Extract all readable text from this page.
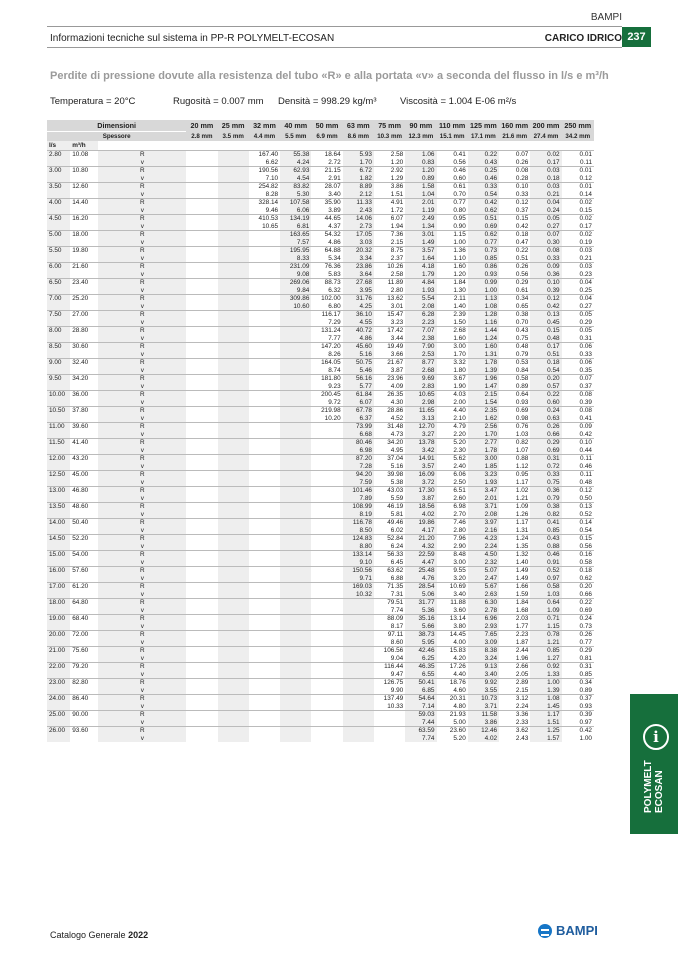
BAMPI
Informazioni tecniche sul sistema in PP-R POLYMELT-ECOSAN	CARICO IDRICO 237
Perdite di pressione dovute alla resistenza del tubo «R» e alla portata «v» a seconda del flusso in l/s e m³/h
Temperatura = 20°C	Rugosità = 0.007 mm Densità = 998.29 kg/m³ Viscosità = 1.004 E-06 m²/s
Dimensioni			20 mm	25 mm	32 mm	40 mm	50 mm	63 mm	75 mm	90 mm	110 mm	125 mm	160 mm	200 mm	250 mm
Spessore			2.8 mm	3.5 mm	4.4 mm	5.5 mm	6.9 mm	8.6 mm	10.3 mm	12.3 mm	15.1 mm	17.1 mm	21.6 mm	27.4 mm	34.2 mm
l/s	m³/h														
2.80	10.08	R			167.40	55.38	18.64	5.93	2.58	1.06	0.41	0.22	0.07	0.02	0.01
		v			6.62	4.24	2.72	1.70	1.20	0.83	0.56	0.43	0.26	0.17	0.11
3.00	10.80	R			190.56	62.93	21.15	6.72	2.92	1.20	0.46	0.25	0.08	0.03	0.01
		v			7.10	4.54	2.91	1.82	1.29	0.89	0.60	0.46	0.28	0.18	0.12
3.50	12.60	R			254.82	83.82	28.07	8.89	3.86	1.58	0.61	0.33	0.10	0.03	0.01
		v			8.28	5.30	3.40	2.12	1.51	1.04	0.70	0.54	0.33	0.21	0.14
4.00	14.40	R			328.14	107.58	35.90	11.33	4.91	2.01	0.77	0.42	0.12	0.04	0.02
		v			9.46	6.06	3.89	2.43	1.72	1.19	0.80	0.62	0.37	0.24	0.15
4.50	16.20	R			410.53	134.19	44.65	14.06	6.07	2.49	0.95	0.51	0.15	0.05	0.02
		v			10.65	6.81	4.37	2.73	1.94	1.34	0.90	0.69	0.42	0.27	0.17
5.00	18.00	R				163.65	54.32	17.05	7.36	3.01	1.15	0.62	0.18	0.07	0.02
		v				7.57	4.86	3.03	2.15	1.49	1.00	0.77	0.47	0.30	0.19
5.50	19.80	R				195.95	64.88	20.32	8.75	3.57	1.36	0.73	0.22	0.08	0.03
		v				8.33	5.34	3.34	2.37	1.64	1.10	0.85	0.51	0.33	0.21
6.00	21.60	R				231.09	76.36	23.86	10.26	4.18	1.60	0.86	0.26	0.09	0.03
		v				9.08	5.83	3.64	2.58	1.79	1.20	0.93	0.56	0.36	0.23
6.50	23.40	R				269.06	88.73	27.68	11.89	4.84	1.84	0.99	0.29	0.10	0.04
		v				9.84	6.32	3.95	2.80	1.93	1.30	1.00	0.61	0.39	0.25
7.00	25.20	R				309.86	102.00	31.76	13.62	5.54	2.11	1.13	0.34	0.12	0.04
		v				10.60	6.80	4.25	3.01	2.08	1.40	1.08	0.65	0.42	0.27
7.50	27.00	R					116.17	36.10	15.47	6.28	2.39	1.28	0.38	0.13	0.05
		v					7.29	4.55	3.23	2.23	1.50	1.16	0.70	0.45	0.29
8.00	28.80	R					131.24	40.72	17.42	7.07	2.68	1.44	0.43	0.15	0.05
		v					7.77	4.86	3.44	2.38	1.60	1.24	0.75	0.48	0.31
8.50	30.60	R					147.20	45.60	19.49	7.90	3.00	1.60	0.48	0.17	0.06
		v					8.26	5.16	3.66	2.53	1.70	1.31	0.79	0.51	0.33
9.00	32.40	R					164.05	50.75	21.67	8.77	3.32	1.78	0.53	0.18	0.06
		v					8.74	5.46	3.87	2.68	1.80	1.39	0.84	0.54	0.35
9.50	34.20	R					181.80	56.16	23.96	9.69	3.67	1.96	0.58	0.20	0.07
		v					9.23	5.77	4.09	2.83	1.90	1.47	0.89	0.57	0.37
10.00	36.00	R					200.45	61.84	26.35	10.65	4.03	2.15	0.64	0.22	0.08
		v					9.72	6.07	4.30	2.98	2.00	1.54	0.93	0.60	0.39
10.50	37.80	R					219.98	67.78	28.86	11.65	4.40	2.35	0.69	0.24	0.08
		v					10.20	6.37	4.52	3.13	2.10	1.62	0.98	0.63	0.41
11.00	39.60	R						73.99	31.48	12.70	4.79	2.56	0.76	0.26	0.09
		v						6.68	4.73	3.27	2.20	1.70	1.03	0.66	0.42
11.50	41.40	R						80.46	34.20	13.78	5.20	2.77	0.82	0.29	0.10
		v						6.98	4.95	3.42	2.30	1.78	1.07	0.69	0.44
12.00	43.20	R						87.20	37.04	14.91	5.62	3.00	0.88	0.31	0.11
		v						7.28	5.16	3.57	2.40	1.85	1.12	0.72	0.46
12.50	45.00	R						94.20	39.98	16.09	6.06	3.23	0.95	0.33	0.11
		v						7.59	5.38	3.72	2.50	1.93	1.17	0.75	0.48
13.00	46.80	R						101.46	43.03	17.30	6.51	3.47	1.02	0.36	0.12
		v						7.89	5.59	3.87	2.60	2.01	1.21	0.79	0.50
13.50	48.60	R						108.99	46.19	18.56	6.98	3.71	1.09	0.38	0.13
		v						8.19	5.81	4.02	2.70	2.08	1.26	0.82	0.52
14.00	50.40	R						116.78	49.46	19.86	7.46	3.97	1.17	0.41	0.14
		v						8.50	6.02	4.17	2.80	2.16	1.31	0.85	0.54
14.50	52.20	R						124.83	52.84	21.20	7.96	4.23	1.24	0.43	0.15
		v						8.80	6.24	4.32	2.90	2.24	1.35	0.88	0.56
15.00	54.00	R						133.14	56.33	22.59	8.48	4.50	1.32	0.46	0.16
		v						9.10	6.45	4.47	3.00	2.32	1.40	0.91	0.58
16.00	57.60	R						150.56	63.62	25.48	9.55	5.07	1.49	0.52	0.18
		v						9.71	6.88	4.76	3.20	2.47	1.49	0.97	0.62
17.00	61.20	R						169.03	71.35	28.54	10.69	5.67	1.66	0.58	0.20
		v						10.32	7.31	5.06	3.40	2.63	1.59	1.03	0.66
18.00	64.80	R							79.51	31.77	11.88	6.30	1.84	0.64	0.22
		v							7.74	5.36	3.60	2.78	1.68	1.09	0.69
19.00	68.40	R							88.09	35.16	13.14	6.96	2.03	0.71	0.24
		v							8.17	5.66	3.80	2.93	1.77	1.15	0.73
20.00	72.00	R							97.11	38.73	14.45	7.65	2.23	0.78	0.26
		v							8.60	5.95	4.00	3.09	1.87	1.21	0.77
21.00	75.60	R							106.56	42.46	15.83	8.38	2.44	0.85	0.29
		v							9.04	6.25	4.20	3.24	1.96	1.27	0.81
22.00	79.20	R							116.44	46.35	17.26	9.13	2.66	0.92	0.31
		v							9.47	6.55	4.40	3.40	2.05	1.33	0.85
23.00	82.80	R							126.75	50.41	18.76	9.92	2.89	1.00	0.34
		v							9.90	6.85	4.60	3.55	2.15	1.39	0.89
24.00	86.40	R							137.49	54.64	20.31	10.73	3.12	1.08	0.37
		v							10.33	7.14	4.80	3.71	2.24	1.45	0.93
25.00	90.00	R								59.03	21.93	11.58	3.36	1.17	0.39
		v								7.44	5.00	3.86	2.33	1.51	0.97
26.00	93.60	R								63.59	23.60	12.46	3.62	1.25	0.42
		v								7.74	5.20	4.02	2.43	1.57	1.00	i
POLYMELT ECOSAN
Catalogo Generale 2022	BAMPI
